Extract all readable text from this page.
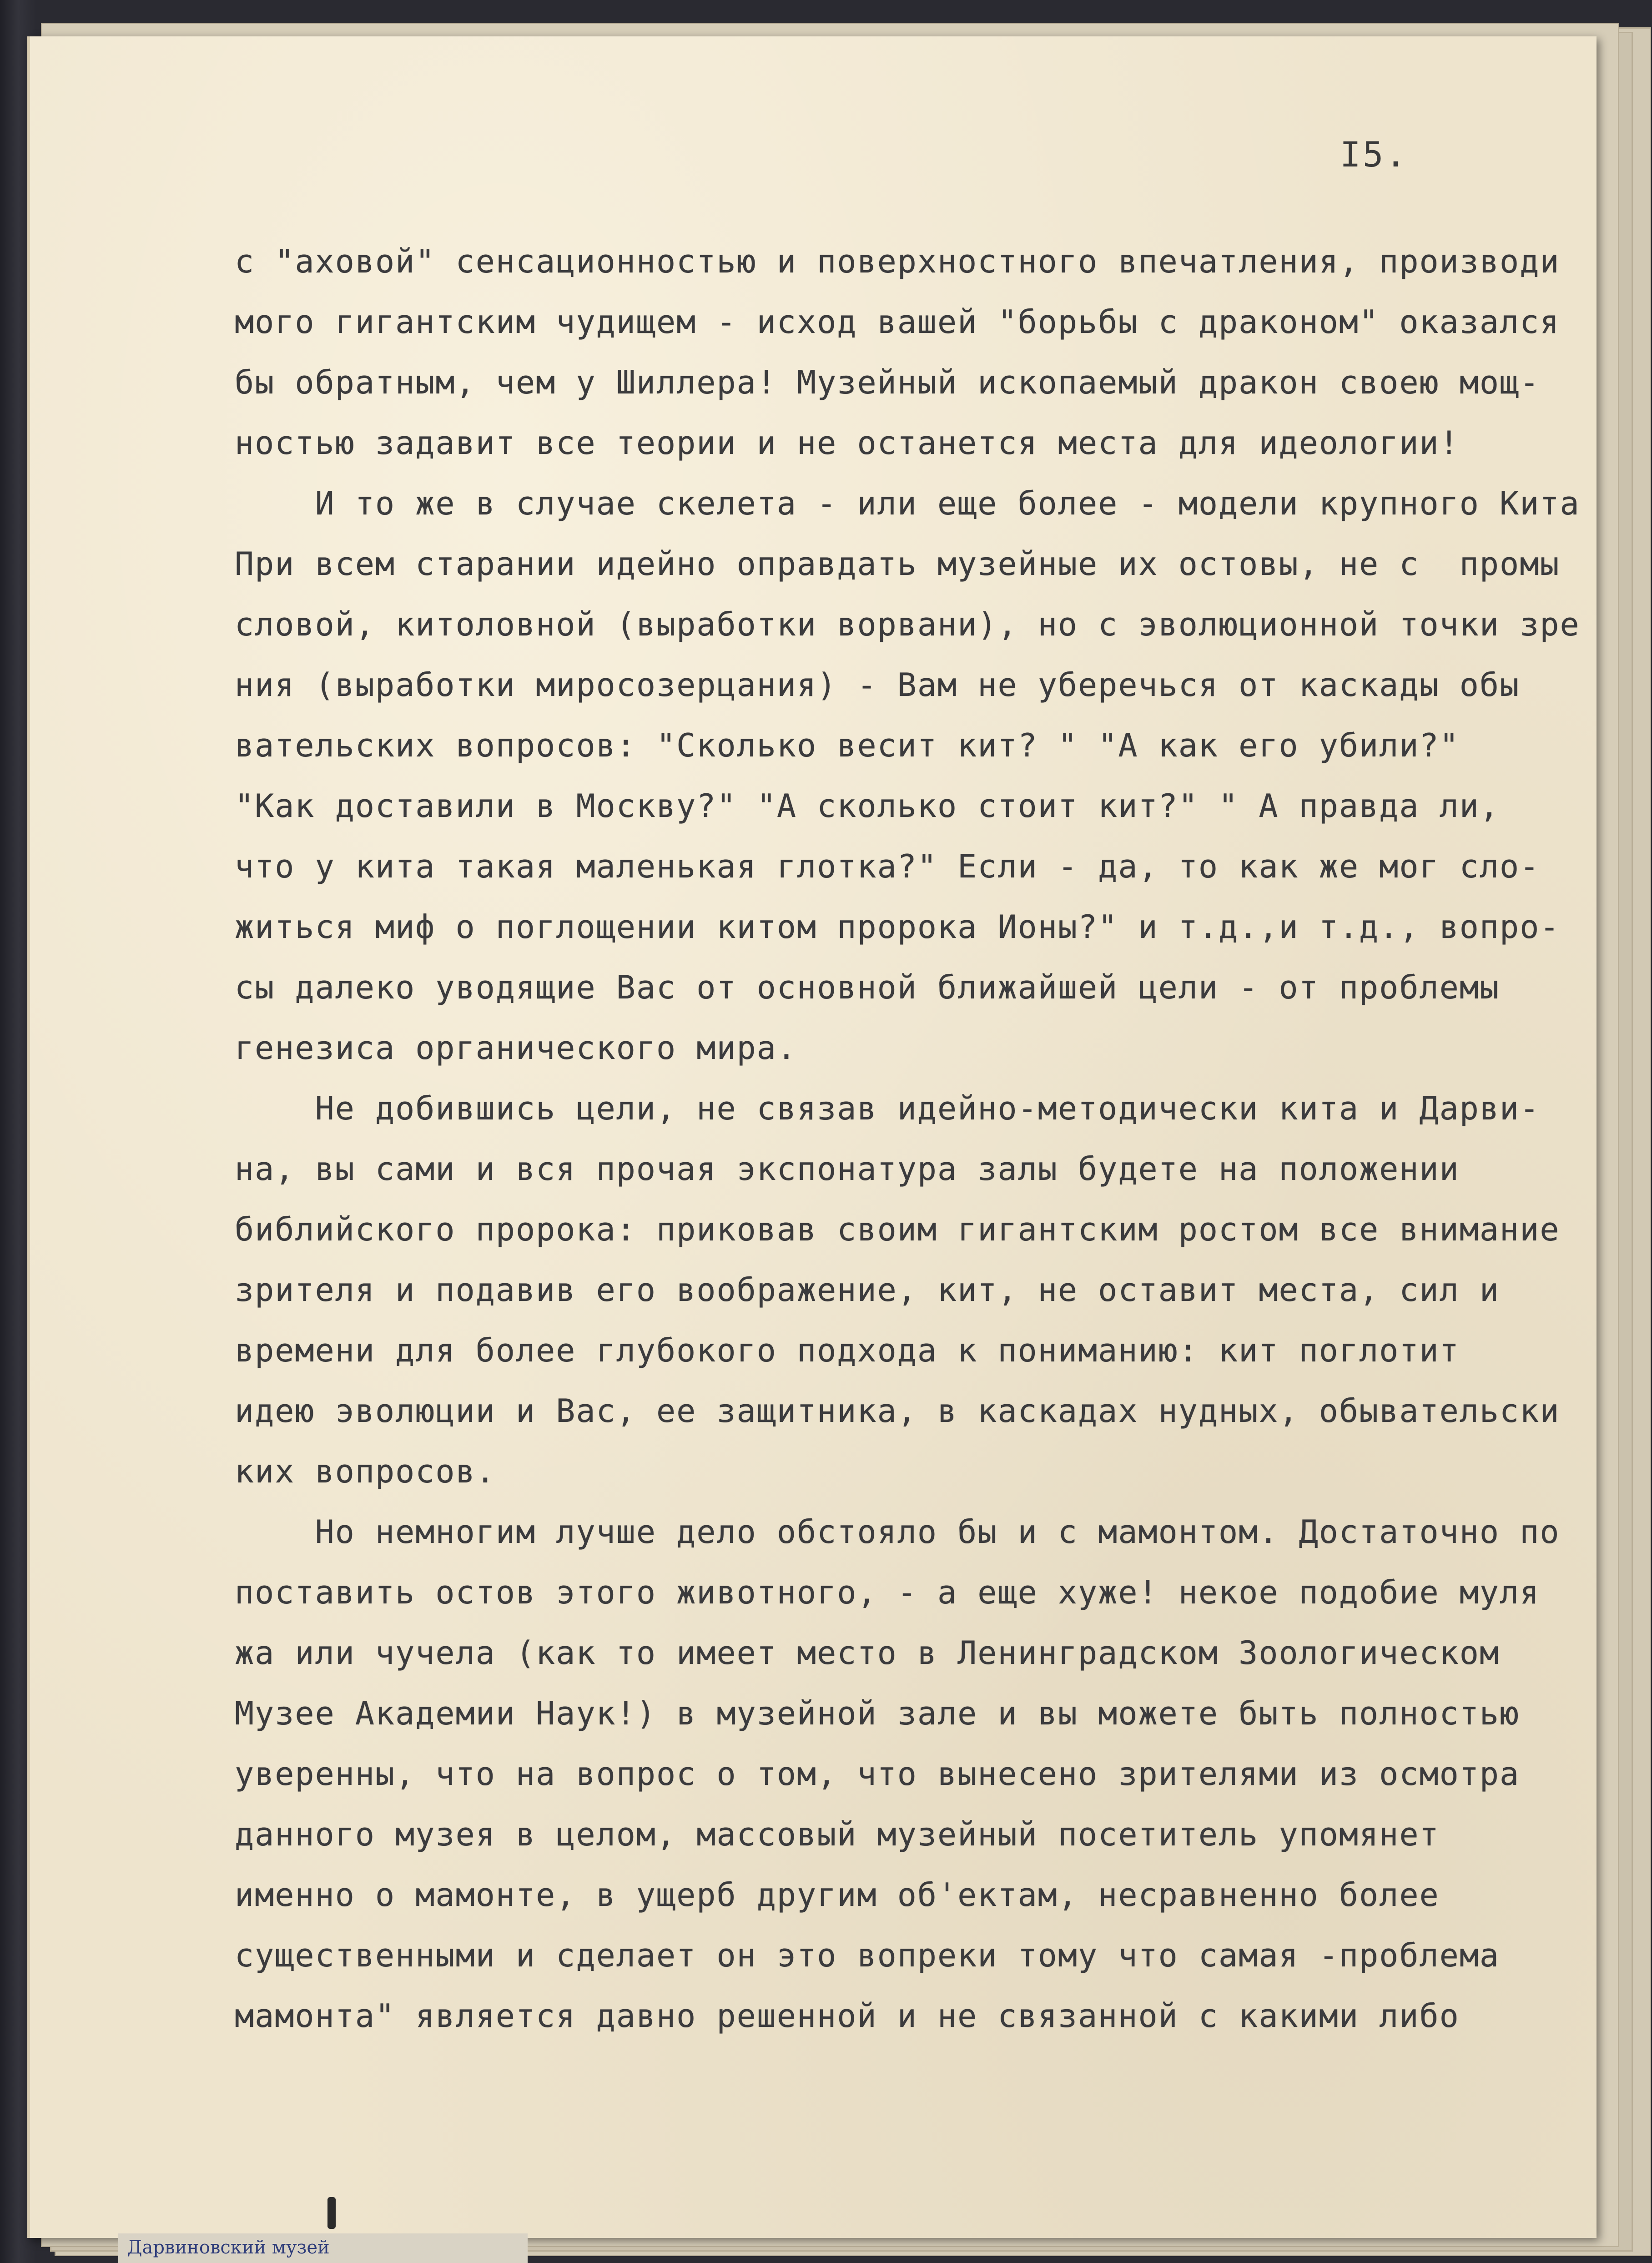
I5.
с "аховой" сенсационностью и поверхностного впечатления, производи
мого гигантским чудищем - исход вашей "борьбы с драконом" оказался
бы обратным, чем у Шиллера! Музейный ископаемый дракон своею мощ-
ностью задавит все теории и не останется места для идеологии!
И то же в случае скелета - или еще более - модели крупного Кита
При всем старании идейно оправдать музейные их остовы, не с  промы
словой, китоловной (выработки ворвани), но с эволюционной точки зре
ния (выработки миросозерцания) - Вам не уберечься от каскады обы
вательских вопросов: "Сколько весит кит? " "А как его убили?"
"Как доставили в Москву?" "А сколько стоит кит?" " А правда ли,
что у кита такая маленькая глотка?" Если - да, то как же мог сло-
житься миф о поглощении китом пророка Ионы?" и т.д.,и т.д., вопро-
сы далеко уводящие Вас от основной ближайшей цели - от проблемы
генезиса органического мира.
Не добившись цели, не связав идейно-методически кита и Дарви-
на, вы сами и вся прочая экспонатура залы будете на положении
библийского пророка: приковав своим гигантским ростом все внимание
зрителя и подавив его воображение, кит, не оставит места, сил и
времени для более глубокого подхода к пониманию: кит поглотит
идею эволюции и Вас, ее защитника, в каскадах нудных, обывательски
ких вопросов.
Но немногим лучше дело обстояло бы и с мамонтом. Достаточно по
поставить остов этого животного, - а еще хуже! некое подобие муля
жа или чучела (как то имеет место в Ленинградском Зоологическом
Музее Академии Наук!) в музейной зале и вы можете быть полностью
уверенны, что на вопрос о том, что вынесено зрителями из осмотра
данного музея в целом, массовый музейный посетитель упомянет
именно о мамонте, в ущерб другим об'ектам, несравненно более
существенными и сделает он это вопреки тому что самая -проблема
мамонта" является давно решенной и не связанной с какими либо
Дарвиновский музей
